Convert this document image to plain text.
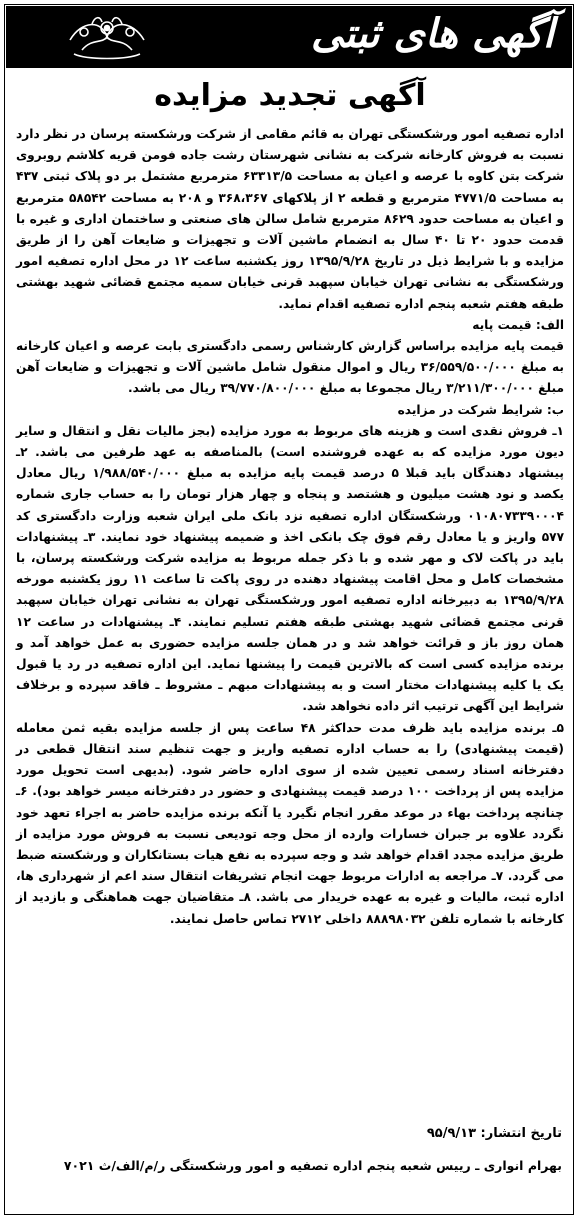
آگهی های ثبتی
آگهی تجدید مزایده

اداره تصفیه امور ورشکستگی تهران به قائم مقامی از شرکت ورشکسته پرسان در نظر دارد نسبت به فروش کارخانه شرکت به نشانی شهرستان رشت جاده فومن قریه کلاشم روبروی شرکت بتن کاوه با عرصه و اعیان به مساحت ۶۳۳۱۳/۵ مترمربع مشتمل بر دو پلاک ثبتی ۴۳۷ به مساحت ۴۷۷۱/۵ مترمربع و قطعه ۲ از پلاکهای ۳۶۸،۳۶۷ و ۲۰۸ به مساحت ۵۸۵۴۲ مترمربع و اعیان به مساحت حدود ۸۶۲۹ مترمربع شامل سالن های صنعتی و ساختمان اداری و غیره با قدمت حدود ۲۰ تا ۴۰ سال به انضمام ماشین آلات و تجهیزات و ضایعات آهن را از طریق مزایده و با شرایط ذیل در تاریخ ۱۳۹۵/۹/۲۸ روز یکشنبه ساعت ۱۲ در محل اداره تصفیه امور ورشکستگی به نشانی تهران خیابان سپهبد قرنی خیابان سمیه مجتمع قضائی شهید بهشتی طبقه هفتم شعبه پنجم اداره تصفیه اقدام نماید.

الف: قیمت پایه

قیمت پایه مزایده براساس گزارش کارشناس رسمی دادگستری بابت عرصه و اعیان کارخانه به مبلغ ۳۶/۵۵۹/۵۰۰/۰۰۰ ریال و اموال منقول شامل ماشین آلات و تجهیزات و ضایعات آهن مبلغ ۳/۲۱۱/۳۰۰/۰۰۰ ریال مجموعا به مبلغ ۳۹/۷۷۰/۸۰۰/۰۰۰ ریال می باشد.

ب: شرایط شرکت در مزایده

۱ـ فروش نقدی است و هزینه های مربوط به مورد مزایده (بجز مالیات نقل و انتقال و سایر دیون مورد مزایده که به عهده فروشنده است) بالمناصفه به عهد طرفین می باشد. ۲ـ پیشنهاد دهندگان باید قبلا ۵ درصد قیمت پایه مزایده به مبلغ ۱/۹۸۸/۵۴۰/۰۰۰ ریال معادل یکصد و نود هشت میلیون و هشتصد و پنجاه و چهار هزار تومان را به حساب جاری شماره ۰۱۰۸۰۷۳۳۹۰۰۰۴ ورشکستگان اداره تصفیه نزد بانک ملی ایران شعبه وزارت دادگستری کد ۵۷۷ واریز و یا معادل رقم فوق چک بانکی اخذ و ضمیمه پیشنهاد خود نمایند. ۳ـ پیشنهادات باید در پاکت لاک و مهر شده و با ذکر جمله مربوط به مزایده شرکت ورشکسته پرسان، با مشخصات کامل و محل اقامت پیشنهاد دهنده در روی پاکت تا ساعت ۱۱ روز یکشنبه مورخه ۱۳۹۵/۹/۲۸ به دبیرخانه اداره تصفیه امور ورشکستگی تهران به نشانی تهران خیابان سپهبد قرنی مجتمع قضائی شهید بهشتی طبقه هفتم تسلیم نمایند. ۴ـ پیشنهادات در ساعت ۱۲ همان روز باز و قرائت خواهد شد و در همان جلسه مزایده حضوری به عمل خواهد آمد و برنده مزایده کسی است که بالاترین قیمت را پیشنها نماید. این اداره تصفیه در رد یا قبول یک یا کلیه پیشنهادات مختار است و به پیشنهادات مبهم ـ مشروط ـ فاقد سپرده و برخلاف شرایط این آگهی ترتیب اثر داده نخواهد شد.

۵ـ برنده مزایده باید ظرف مدت حداکثر ۴۸ ساعت پس از جلسه مزایده بقیه ثمن معامله (قیمت پیشنهادی) را به حساب اداره تصفیه واریز و جهت تنظیم سند انتقال قطعی در دفترخانه اسناد رسمی تعیین شده از سوی اداره حاضر شود. (بدیهی است تحویل مورد مزایده پس از پرداخت ۱۰۰ درصد قیمت پیشنهادی و حضور در دفترخانه میسر خواهد بود). ۶ـ چنانچه پرداخت بهاء در موعد مقرر انجام نگیرد یا آنکه برنده مزایده حاضر به اجراء تعهد خود نگردد علاوه بر جبران خسارات وارده از محل وجه تودیعی نسبت به فروش مورد مزایده از طریق مزایده مجدد اقدام خواهد شد و وجه سپرده به نفع هیات بستانکاران و ورشکسته ضبط می گردد. ۷ـ مراجعه به ادارات مربوط جهت انجام تشریفات انتقال سند اعم از شهرداری ها، اداره ثبت، مالیات و غیره به عهده خریدار می باشد. ۸ـ متقاضیان جهت هماهنگی و بازدید از کارخانه با شماره تلفن ۸۸۸۹۸۰۳۲ داخلی ۲۷۱۲ تماس حاصل نمایند.

تاریخ انتشار: ۹۵/۹/۱۳
بهرام انواری ـ رییس شعبه پنجم اداره تصفیه و امور ورشکستگی ر/م/الف/ث ۷۰۲۱
